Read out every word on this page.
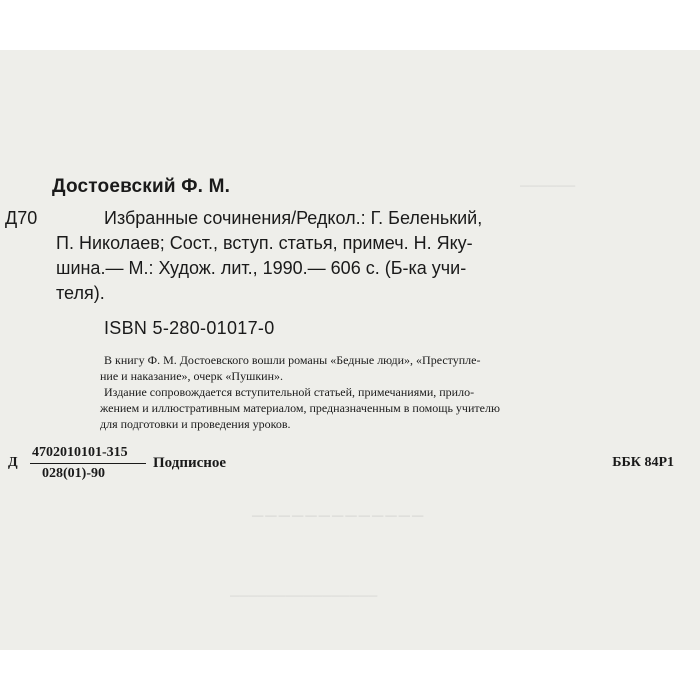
──────
─────────────
────────────────
Достоевский Ф. М.
Д70	Избранные сочинения/Редкол.: Г. Беленький,
П. Николаев; Сост., вступ. статья, примеч. Н. Яку-
шина.— М.: Худож. лит., 1990.— 606 с. (Б-ка учи-
теля).
ISBN 5-280-01017-0
В книгу Ф. М. Достоевского вошли романы «Бедные люди», «Преступле-
ние и наказание», очерк «Пушкин».
Издание сопровождается вступительной статьей, примечаниями, прило-
жением и иллюстративным материалом, предназначенным в помощь учителю
для подготовки и проведения уроков.
Д
4702010101-315
028(01)-90
Подписное	ББК 84Р1
